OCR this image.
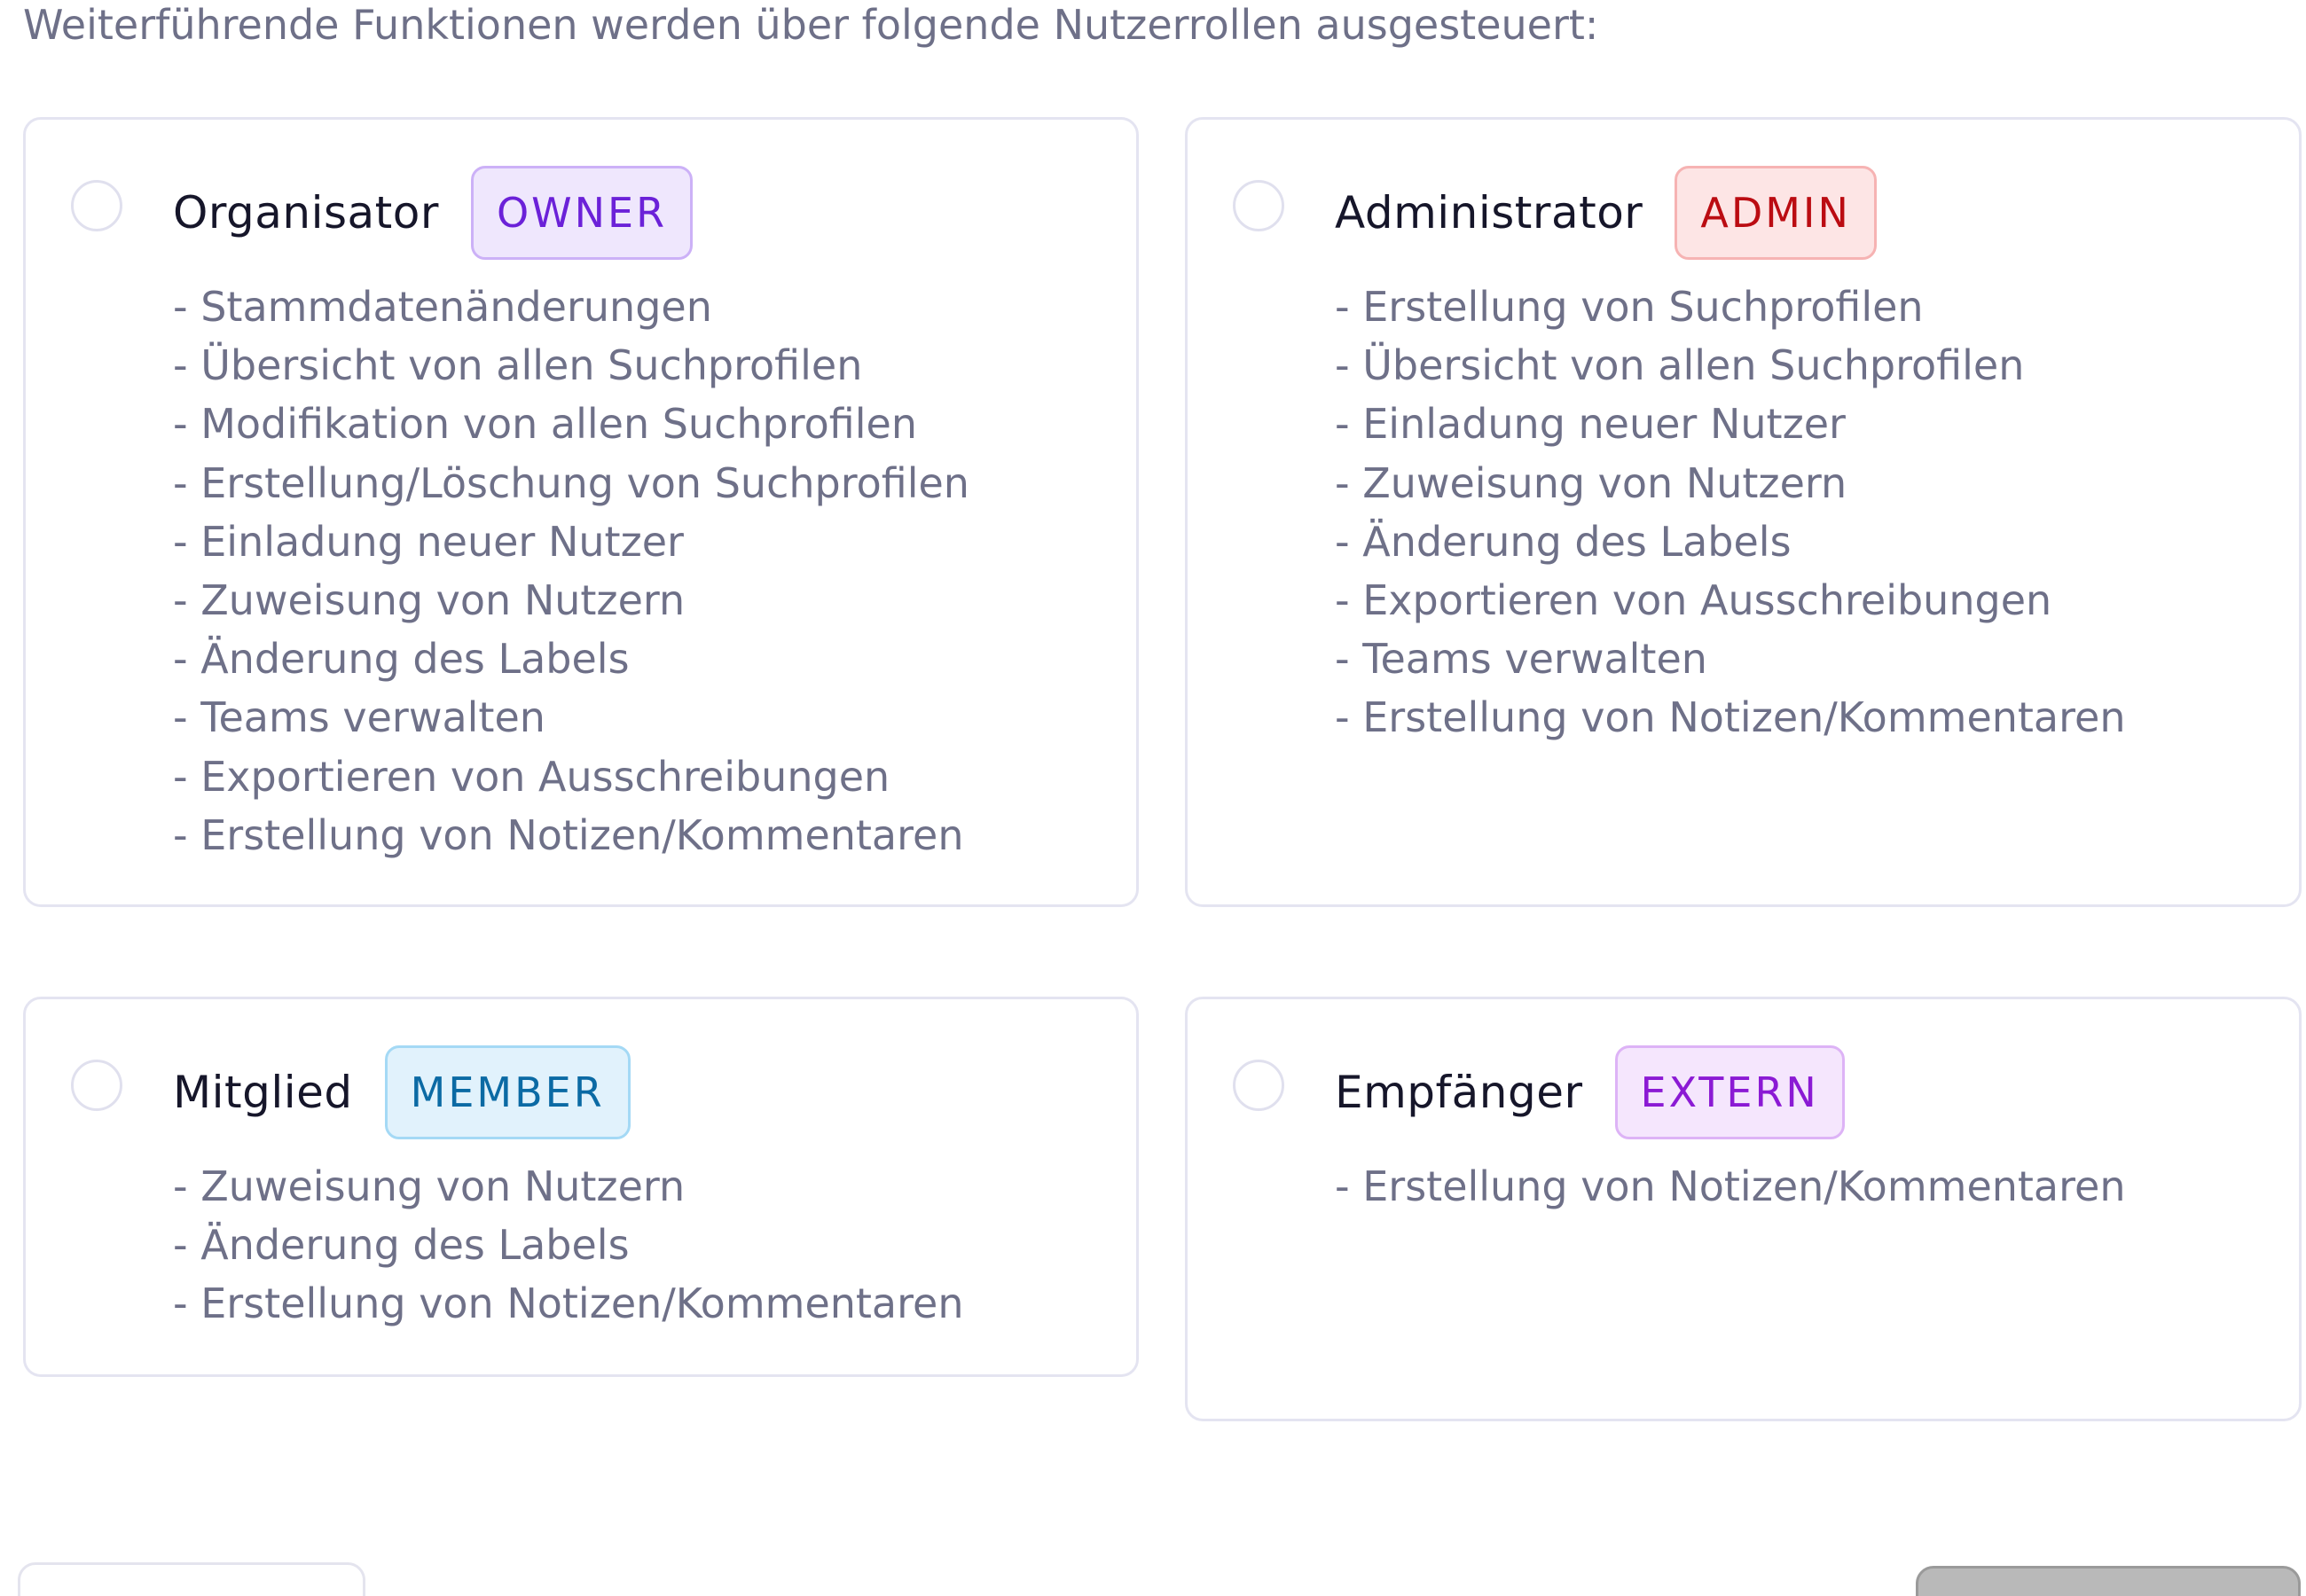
Weiterführende Funktionen werden über folgende Nutzerrollen ausgesteuert:

Organisator	OWNER
- Stammdatenänderungen
- Übersicht von allen Suchprofilen
- Modifikation von allen Suchprofilen
- Erstellung/Löschung von Suchprofilen
- Einladung neuer Nutzer
- Zuweisung von Nutzern
- Änderung des Labels
- Teams verwalten
- Exportieren von Ausschreibungen
- Erstellung von Notizen/Kommentaren
Administrator	ADMIN
- Erstellung von Suchprofilen
- Übersicht von allen Suchprofilen
- Einladung neuer Nutzer
- Zuweisung von Nutzern
- Änderung des Labels
- Exportieren von Ausschreibungen
- Teams verwalten
- Erstellung von Notizen/Kommentaren
Mitglied	MEMBER
- Zuweisung von Nutzern
- Änderung des Labels
- Erstellung von Notizen/Kommentaren
Empfänger	EXTERN
- Erstellung von Notizen/Kommentaren
